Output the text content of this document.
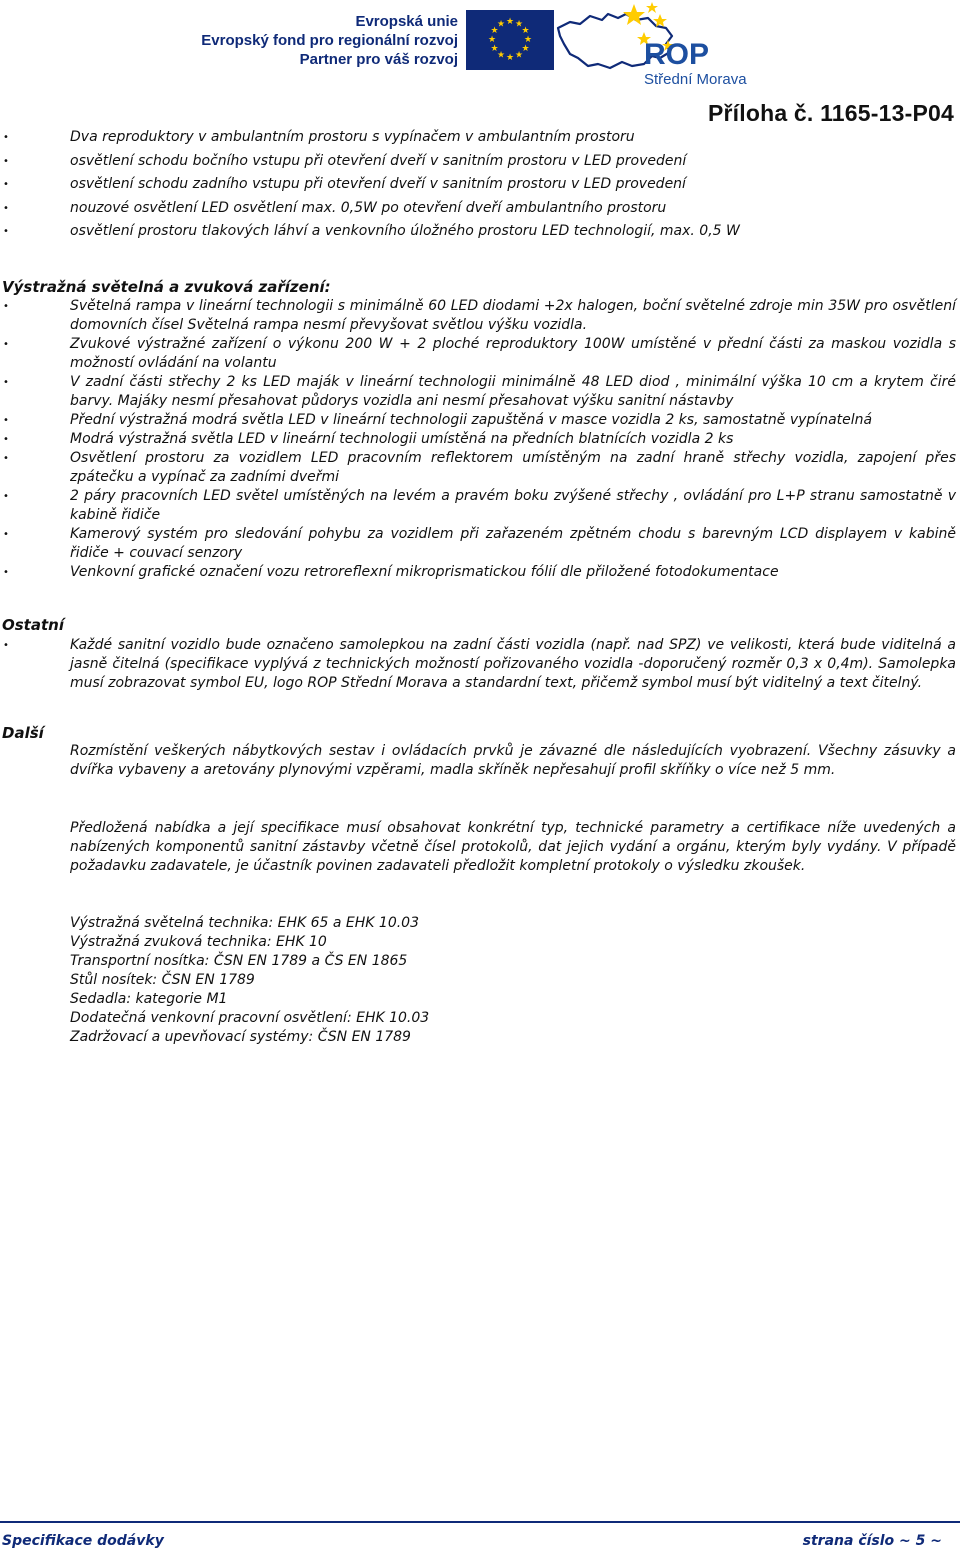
Evropská unie
Evropský fond pro regionální rozvoj
Partner pro váš rozvoj
★ ★
★
★
★
★
★
★
★
★
★
★
ROP
Střední Morava
Příloha č. 1165-13-P04
•	Dva reproduktory v ambulantním prostoru s vypínačem v ambulantním prostoru
•	osvětlení schodu bočního vstupu při otevření dveří v sanitním prostoru v LED provedení
•	osvětlení schodu zadního vstupu při otevření dveří v sanitním prostoru v LED provedení
•	nouzové osvětlení LED osvětlení max. 0,5W po otevření dveří ambulantního prostoru
•	osvětlení prostoru tlakových láhví a venkovního úložného prostoru LED technologií, max. 0,5 W
Výstražná světelná a zvuková zařízení:
•	Světelná rampa v lineární technologii s minimálně 60 LED diodami +2x halogen, boční světelné zdroje min 35W pro osvětlení domovních čísel Světelná rampa nesmí převyšovat světlou výšku vozidla.
•	Zvukové výstražné zařízení o výkonu 200 W + 2 ploché reproduktory 100W umístěné v přední části za maskou vozidla s možností ovládání na volantu
•	V zadní části střechy 2 ks LED maják v lineární technologii minimálně 48 LED diod , minimální výška 10 cm a krytem čiré barvy. Majáky nesmí přesahovat půdorys vozidla ani nesmí přesahovat výšku sanitní nástavby
•	Přední výstražná modrá světla LED v lineární technologii zapuštěná v masce vozidla 2 ks, samostatně vypínatelná
•	Modrá výstražná světla LED v lineární technologii umístěná na předních blatnících vozidla 2 ks
•	Osvětlení prostoru za vozidlem LED pracovním reflektorem umístěným na zadní hraně střechy vozidla, zapojení přes zpátečku a vypínač za zadními dveřmi
•	2 páry pracovních LED světel umístěných na levém a pravém boku zvýšené střechy , ovládání pro L+P stranu samostatně v kabině řidiče
•	Kamerový systém pro sledování pohybu za vozidlem při zařazeném zpětném chodu s barevným LCD displayem v kabině řidiče + couvací senzory
•	Venkovní grafické označení vozu retroreflexní mikroprismatickou fólií dle přiložené fotodokumentace
Ostatní
•	Každé sanitní vozidlo bude označeno samolepkou na zadní části vozidla (např. nad SPZ) ve velikosti, která bude viditelná a jasně čitelná (specifikace vyplývá z technických možností pořizovaného vozidla -doporučený rozměr 0,3 x 0,4m). Samolepka musí zobrazovat symbol EU, logo ROP Střední Morava a standardní text, přičemž symbol musí být viditelný a text čitelný.
Další
Rozmístění veškerých nábytkových sestav i ovládacích prvků je závazné dle následujících vyobrazení. Všechny zásuvky a dvířka vybaveny a aretovány plynovými vzpěrami, madla skříněk nepřesahují profil skříňky o více než 5 mm.
Předložená nabídka a její specifikace musí obsahovat konkrétní typ, technické parametry a certifikace níže uvedených a nabízených komponentů sanitní zástavby včetně čísel protokolů, dat jejich vydání a orgánu, kterým byly vydány. V případě požadavku zadavatele, je účastník povinen zadavateli předložit kompletní protokoly o výsledku zkoušek.
Výstražná světelná technika: EHK 65 a EHK 10.03
Výstražná zvuková technika: EHK 10
Transportní nosítka: ČSN EN 1789 a ČS EN 1865
Stůl nosítek: ČSN EN 1789
Sedadla: kategorie M1
Dodatečná venkovní pracovní osvětlení: EHK 10.03
Zadržovací a upevňovací systémy: ČSN EN 1789
Specifikace dodávky	strana číslo ~ 5 ~
